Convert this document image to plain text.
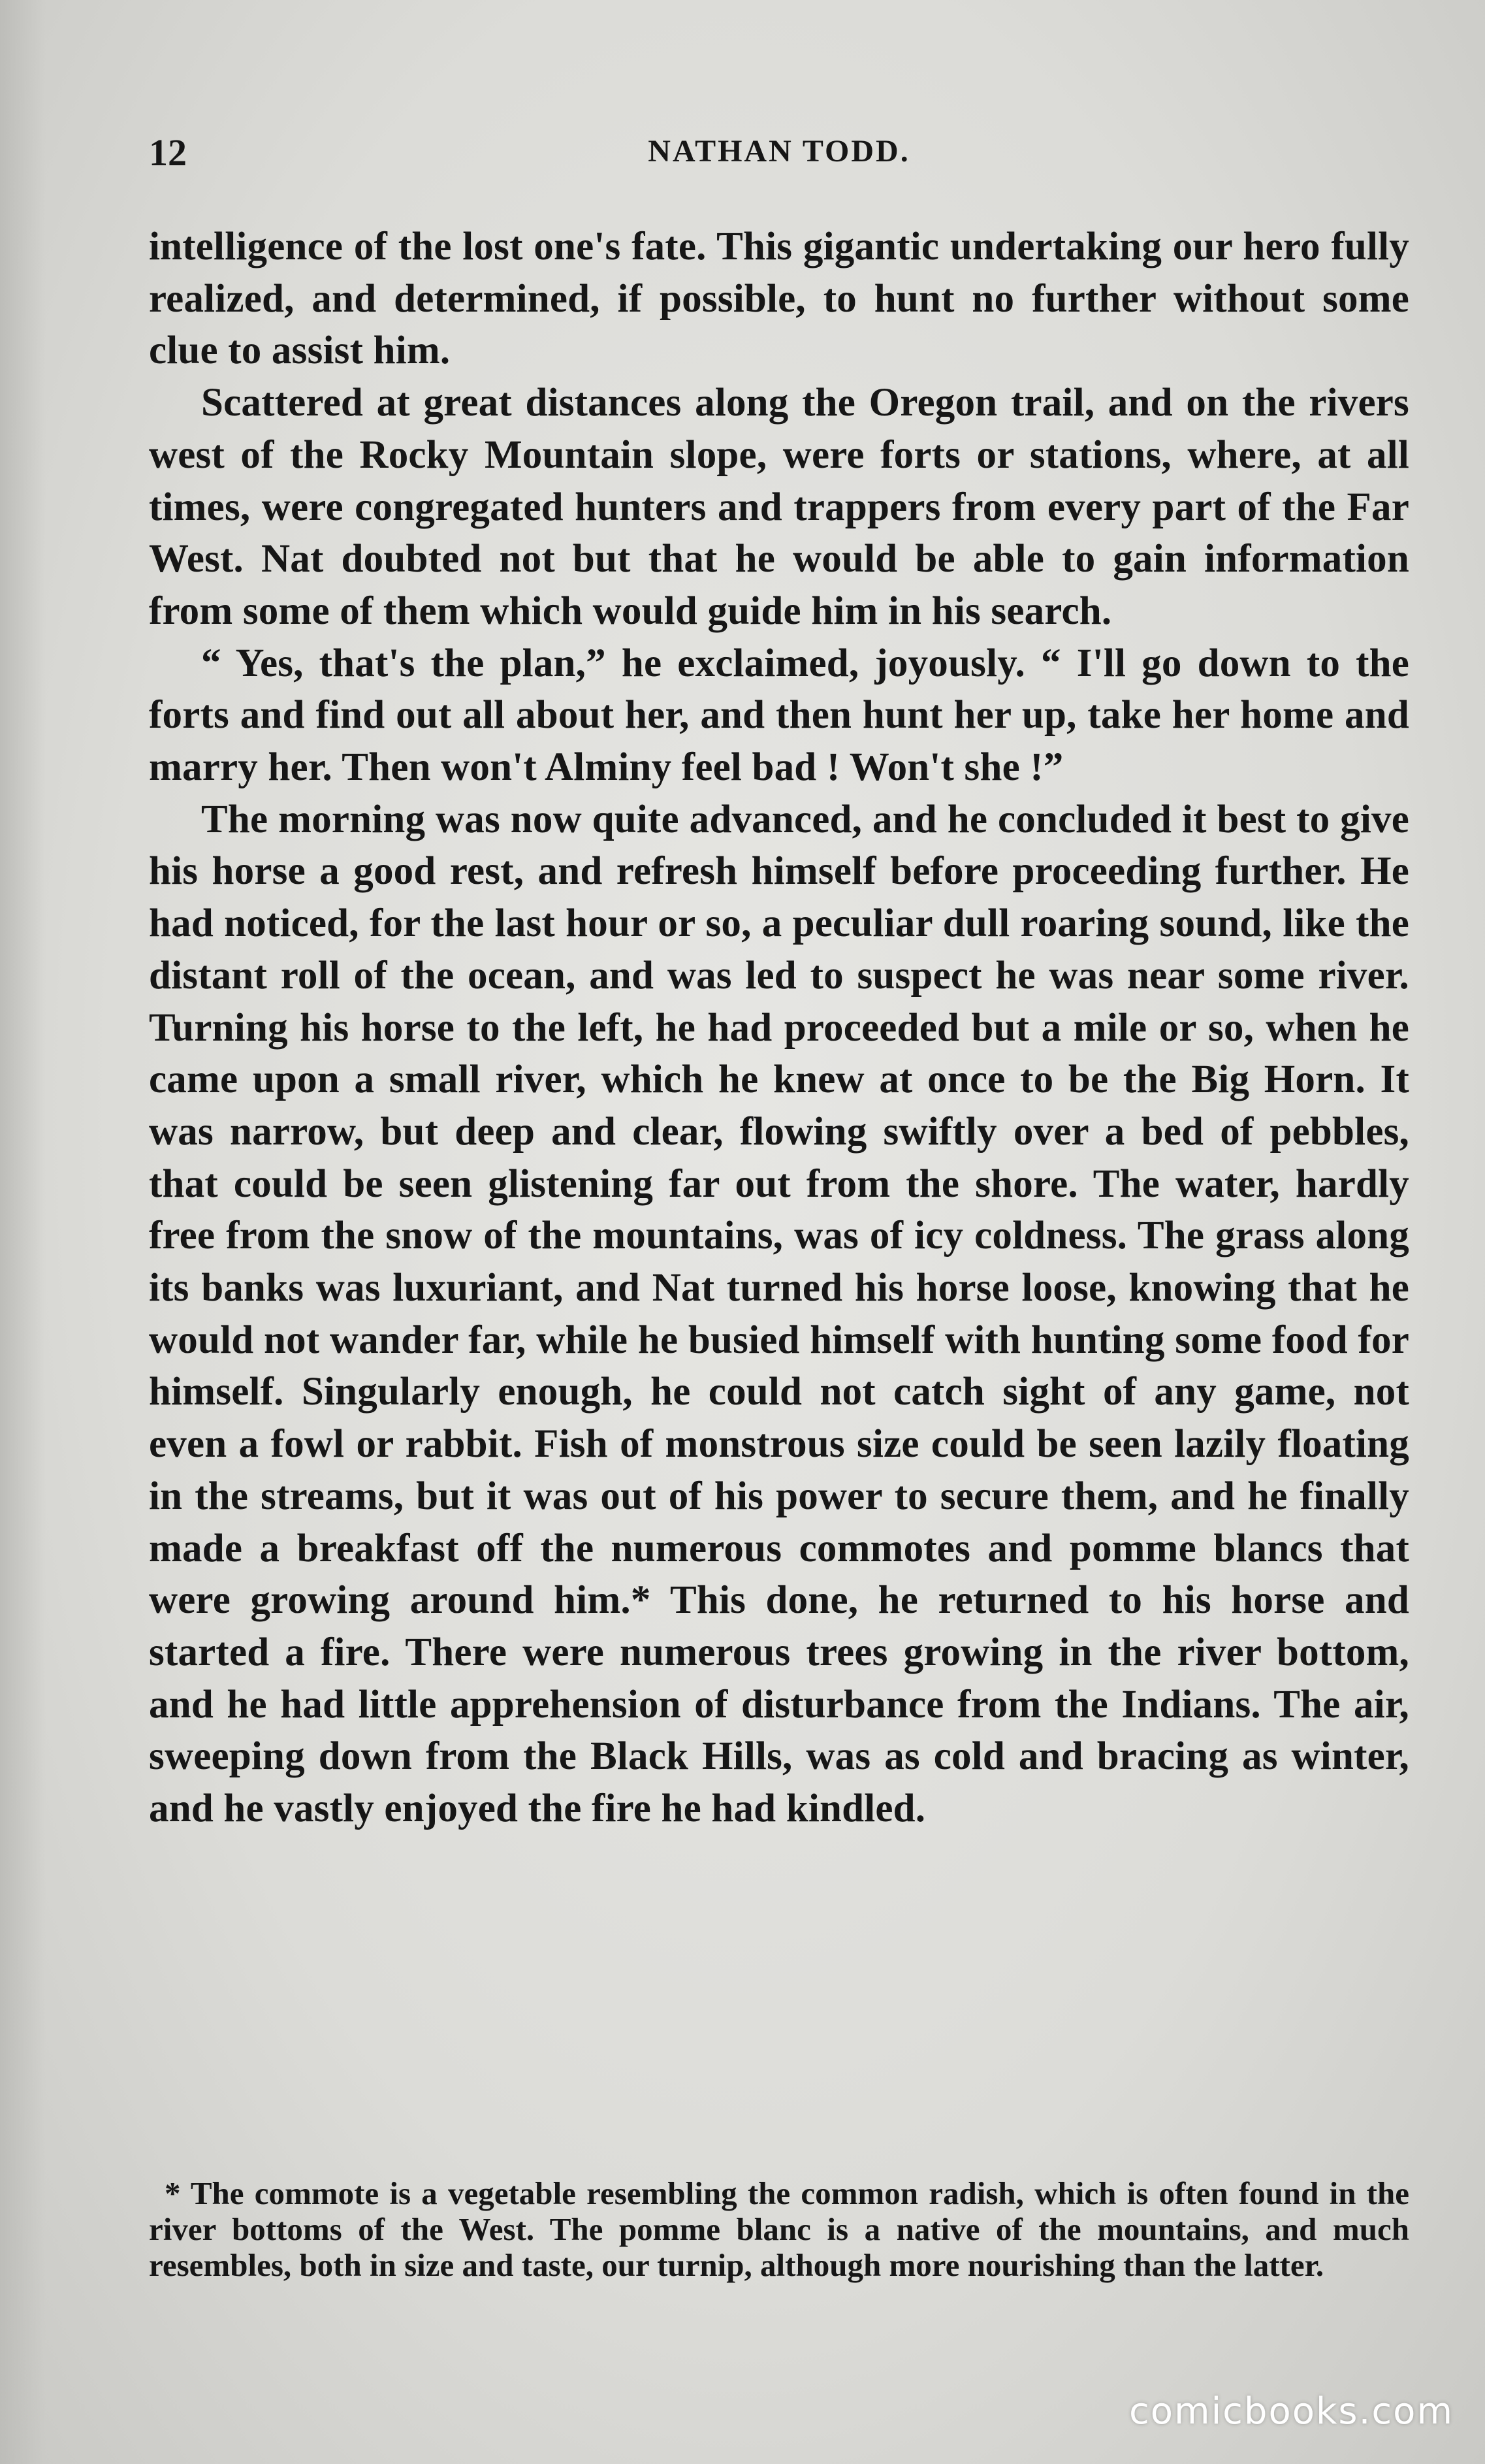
12	NATHAN TODD.

intelligence of the lost one's fate. This gigantic undertaking our hero fully realized, and determined, if possible, to hunt no further without some clue to assist him.

Scattered at great distances along the Oregon trail, and on the rivers west of the Rocky Mountain slope, were forts or stations, where, at all times, were congregated hunters and trappers from every part of the Far West. Nat doubted not but that he would be able to gain information from some of them which would guide him in his search.

“ Yes, that's the plan,” he exclaimed, joyously. “ I'll go down to the forts and find out all about her, and then hunt her up, take her home and marry her. Then won't Alminy feel bad ! Won't she !”

The morning was now quite advanced, and he concluded it best to give his horse a good rest, and refresh himself before proceeding further. He had noticed, for the last hour or so, a peculiar dull roaring sound, like the distant roll of the ocean, and was led to suspect he was near some river. Turning his horse to the left, he had proceeded but a mile or so, when he came upon a small river, which he knew at once to be the Big Horn. It was narrow, but deep and clear, flowing swiftly over a bed of pebbles, that could be seen glistening far out from the shore. The water, hardly free from the snow of the mountains, was of icy coldness. The grass along its banks was luxuriant, and Nat turned his horse loose, knowing that he would not wander far, while he busied himself with hunting some food for himself. Singularly enough, he could not catch sight of any game, not even a fowl or rabbit. Fish of monstrous size could be seen lazily floating in the streams, but it was out of his power to secure them, and he finally made a breakfast off the numerous commotes and pomme blancs that were growing around him.* This done, he returned to his horse and started a fire. There were numerous trees growing in the river bottom, and he had little apprehension of disturbance from the Indians. The air, sweeping down from the Black Hills, was as cold and bracing as winter, and he vastly enjoyed the fire he had kindled.

* The commote is a vegetable resembling the common radish, which is often found in the river bottoms of the West. The pomme blanc is a native of the mountains, and much resembles, both in size and taste, our turnip, although more nourishing than the latter.

comicbooks.com
